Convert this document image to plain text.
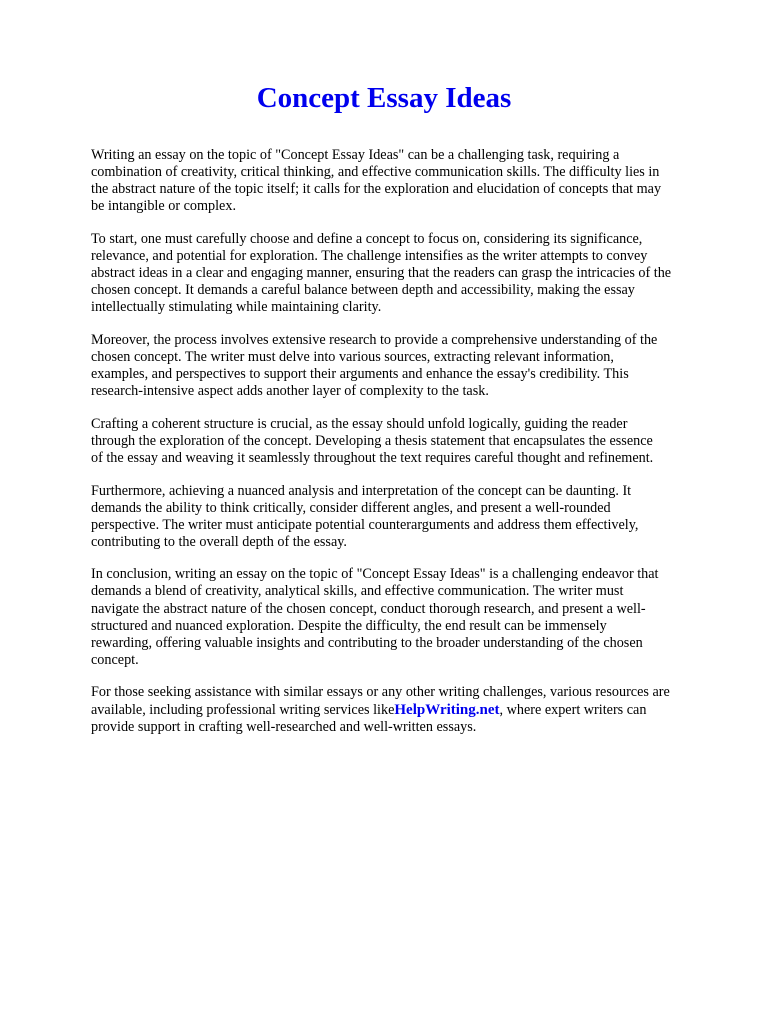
Concept Essay Ideas

Writing an essay on the topic of "Concept Essay Ideas" can be a challenging task, requiring a
combination of creativity, critical thinking, and effective communication skills. The difficulty lies in
the abstract nature of the topic itself; it calls for the exploration and elucidation of concepts that may
be intangible or complex.

To start, one must carefully choose and define a concept to focus on, considering its significance,
relevance, and potential for exploration. The challenge intensifies as the writer attempts to convey
abstract ideas in a clear and engaging manner, ensuring that the readers can grasp the intricacies of the
chosen concept. It demands a careful balance between depth and accessibility, making the essay
intellectually stimulating while maintaining clarity.

Moreover, the process involves extensive research to provide a comprehensive understanding of the
chosen concept. The writer must delve into various sources, extracting relevant information,
examples, and perspectives to support their arguments and enhance the essay's credibility. This
research-intensive aspect adds another layer of complexity to the task.

Crafting a coherent structure is crucial, as the essay should unfold logically, guiding the reader
through the exploration of the concept. Developing a thesis statement that encapsulates the essence
of the essay and weaving it seamlessly throughout the text requires careful thought and refinement.

Furthermore, achieving a nuanced analysis and interpretation of the concept can be daunting. It
demands the ability to think critically, consider different angles, and present a well-rounded
perspective. The writer must anticipate potential counterarguments and address them effectively,
contributing to the overall depth of the essay.

In conclusion, writing an essay on the topic of "Concept Essay Ideas" is a challenging endeavor that
demands a blend of creativity, analytical skills, and effective communication. The writer must
navigate the abstract nature of the chosen concept, conduct thorough research, and present a well-
structured and nuanced exploration. Despite the difficulty, the end result can be immensely
rewarding, offering valuable insights and contributing to the broader understanding of the chosen
concept.

For those seeking assistance with similar essays or any other writing challenges, various resources are
available, including professional writing services likeHelpWriting.net, where expert writers can
provide support in crafting well-researched and well-written essays.
